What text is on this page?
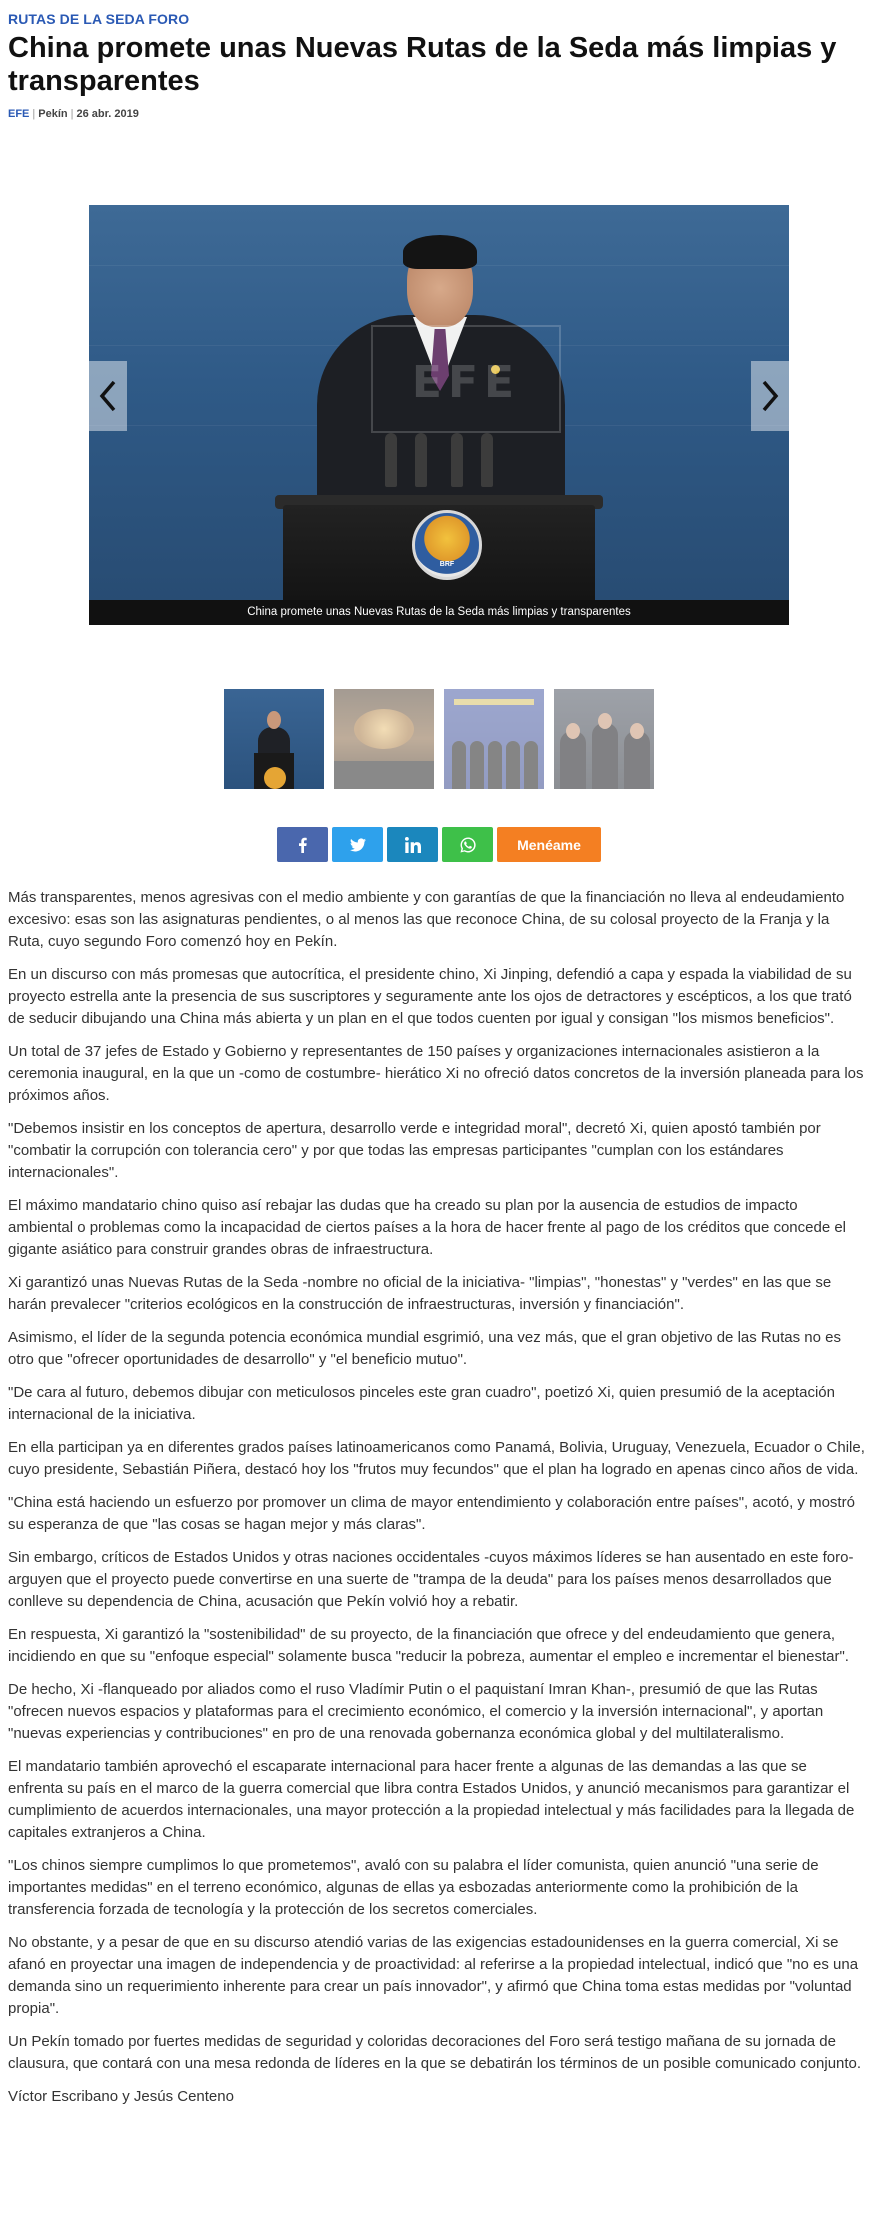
RUTAS DE LA SEDA FORO
China promete unas Nuevas Rutas de la Seda más limpias y transparentes
EFE | Pekín | 26 abr. 2019
EFE
BRF
China promete unas Nuevas Rutas de la Seda más limpias y transparentes
Menéame

Más transparentes, menos agresivas con el medio ambiente y con garantías de que la financiación no lleva al endeudamiento excesivo: esas son las asignaturas pendientes, o al menos las que reconoce China, de su colosal proyecto de la Franja y la Ruta, cuyo segundo Foro comenzó hoy en Pekín.

En un discurso con más promesas que autocrítica, el presidente chino, Xi Jinping, defendió a capa y espada la viabilidad de su proyecto estrella ante la presencia de sus suscriptores y seguramente ante los ojos de detractores y escépticos, a los que trató de seducir dibujando una China más abierta y un plan en el que todos cuenten por igual y consigan "los mismos beneficios".

Un total de 37 jefes de Estado y Gobierno y representantes de 150 países y organizaciones internacionales asistieron a la ceremonia inaugural, en la que un -como de costumbre- hierático Xi no ofreció datos concretos de la inversión planeada para los próximos años.

"Debemos insistir en los conceptos de apertura, desarrollo verde e integridad moral", decretó Xi, quien apostó también por "combatir la corrupción con tolerancia cero" y por que todas las empresas participantes "cumplan con los estándares internacionales".

El máximo mandatario chino quiso así rebajar las dudas que ha creado su plan por la ausencia de estudios de impacto ambiental o problemas como la incapacidad de ciertos países a la hora de hacer frente al pago de los créditos que concede el gigante asiático para construir grandes obras de infraestructura.

Xi garantizó unas Nuevas Rutas de la Seda -nombre no oficial de la iniciativa- "limpias", "honestas" y "verdes" en las que se harán prevalecer "criterios ecológicos en la construcción de infraestructuras, inversión y financiación".

Asimismo, el líder de la segunda potencia económica mundial esgrimió, una vez más, que el gran objetivo de las Rutas no es otro que "ofrecer oportunidades de desarrollo" y "el beneficio mutuo".

"De cara al futuro, debemos dibujar con meticulosos pinceles este gran cuadro", poetizó Xi, quien presumió de la aceptación internacional de la iniciativa.

En ella participan ya en diferentes grados países latinoamericanos como Panamá, Bolivia, Uruguay, Venezuela, Ecuador o Chile, cuyo presidente, Sebastián Piñera, destacó hoy los "frutos muy fecundos" que el plan ha logrado en apenas cinco años de vida.

"China está haciendo un esfuerzo por promover un clima de mayor entendimiento y colaboración entre países", acotó, y mostró su esperanza de que "las cosas se hagan mejor y más claras".

Sin embargo, críticos de Estados Unidos y otras naciones occidentales -cuyos máximos líderes se han ausentado en este foro- arguyen que el proyecto puede convertirse en una suerte de "trampa de la deuda" para los países menos desarrollados que conlleve su dependencia de China, acusación que Pekín volvió hoy a rebatir.

En respuesta, Xi garantizó la "sostenibilidad" de su proyecto, de la financiación que ofrece y del endeudamiento que genera, incidiendo en que su "enfoque especial" solamente busca "reducir la pobreza, aumentar el empleo e incrementar el bienestar".

De hecho, Xi -flanqueado por aliados como el ruso Vladímir Putin o el paquistaní Imran Khan-, presumió de que las Rutas "ofrecen nuevos espacios y plataformas para el crecimiento económico, el comercio y la inversión internacional", y aportan "nuevas experiencias y contribuciones" en pro de una renovada gobernanza económica global y del multilateralismo.

El mandatario también aprovechó el escaparate internacional para hacer frente a algunas de las demandas a las que se enfrenta su país en el marco de la guerra comercial que libra contra Estados Unidos, y anunció mecanismos para garantizar el cumplimiento de acuerdos internacionales, una mayor protección a la propiedad intelectual y más facilidades para la llegada de capitales extranjeros a China.

"Los chinos siempre cumplimos lo que prometemos", avaló con su palabra el líder comunista, quien anunció "una serie de importantes medidas" en el terreno económico, algunas de ellas ya esbozadas anteriormente como la prohibición de la transferencia forzada de tecnología y la protección de los secretos comerciales.

No obstante, y a pesar de que en su discurso atendió varias de las exigencias estadounidenses en la guerra comercial, Xi se afanó en proyectar una imagen de independencia y de proactividad: al referirse a la propiedad intelectual, indicó que "no es una demanda sino un requerimiento inherente para crear un país innovador", y afirmó que China toma estas medidas por "voluntad propia".

Un Pekín tomado por fuertes medidas de seguridad y coloridas decoraciones del Foro será testigo mañana de su jornada de clausura, que contará con una mesa redonda de líderes en la que se debatirán los términos de un posible comunicado conjunto.

Víctor Escribano y Jesús Centeno
